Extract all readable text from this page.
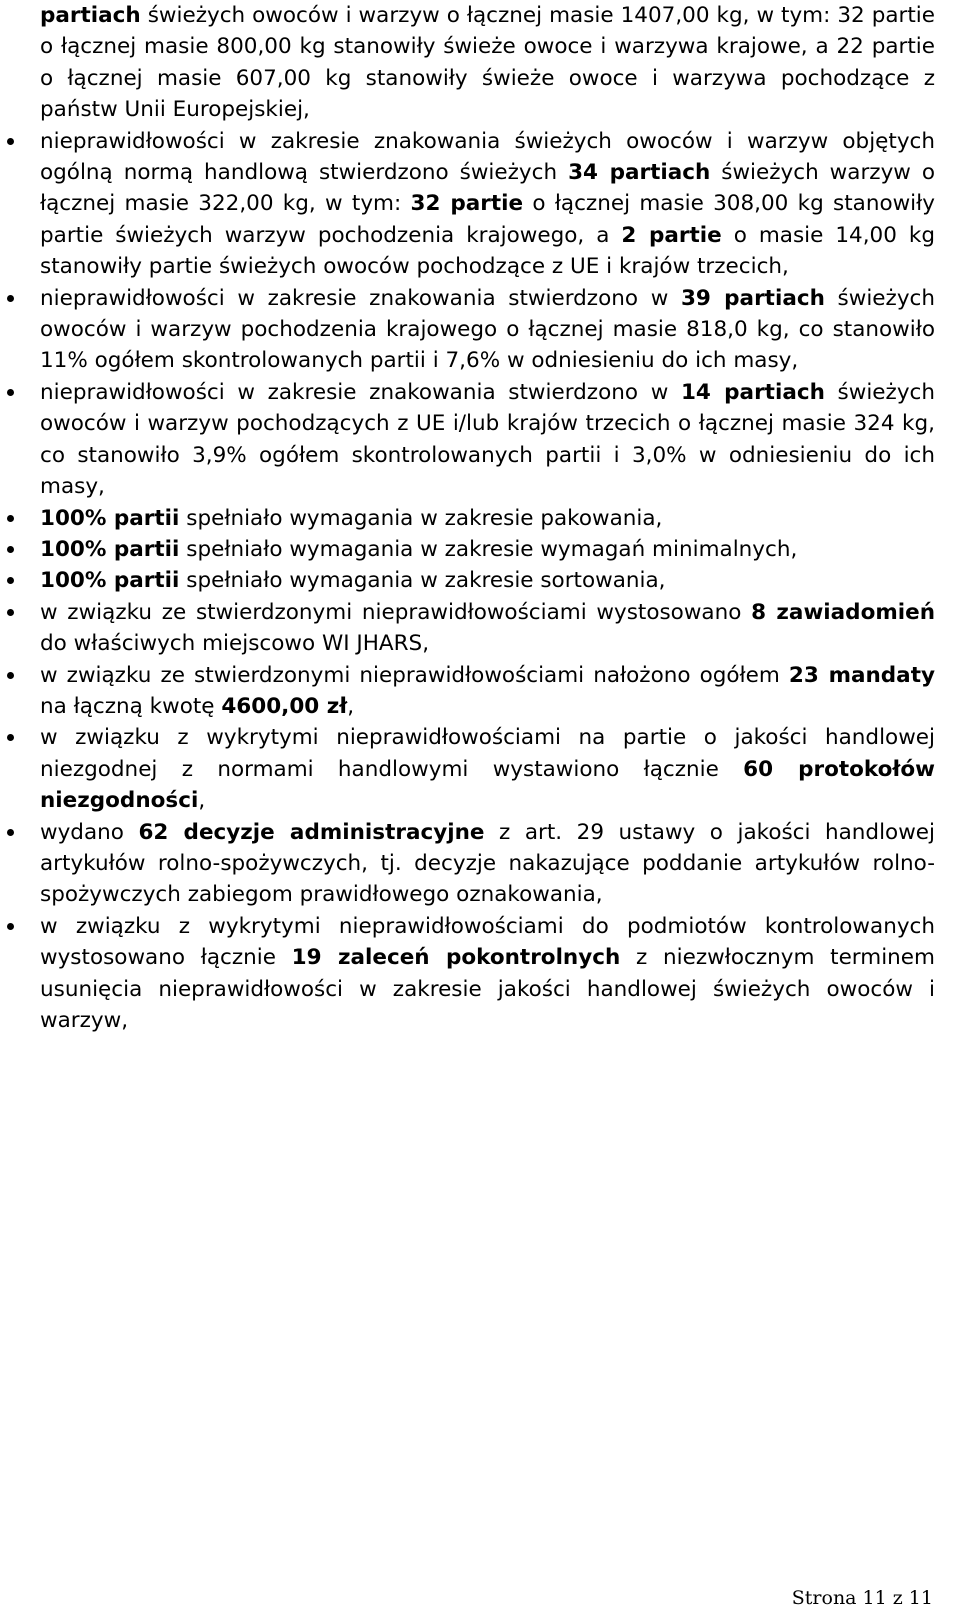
partiach świeżych owoców i warzyw o łącznej masie 1407,00 kg, w tym: 32 partie o łącznej masie 800,00 kg stanowiły świeże owoce i warzywa krajowe, a 22 partie o łącznej masie 607,00 kg stanowiły świeże owoce i warzywa pochodzące z państw Unii Europejskiej,
nieprawidłowości w zakresie znakowania świeżych owoców i warzyw objętych ogólną normą handlową stwierdzono świeżych 34 partiach świeżych warzyw o łącznej masie 322,00 kg, w tym: 32 partie o łącznej masie 308,00 kg stanowiły partie świeżych warzyw pochodzenia krajowego, a 2 partie o masie 14,00 kg stanowiły partie świeżych owoców pochodzące z UE i krajów trzecich,
nieprawidłowości w zakresie znakowania stwierdzono w 39 partiach świeżych owoców i warzyw pochodzenia krajowego o łącznej masie 818,0 kg, co stanowiło 11% ogółem skontrolowanych partii i 7,6% w odniesieniu do ich masy,
nieprawidłowości w zakresie znakowania stwierdzono w 14 partiach świeżych owoców i warzyw pochodzących z UE i/lub krajów trzecich o łącznej masie 324 kg, co stanowiło 3,9% ogółem skontrolowanych partii i 3,0% w odniesieniu do ich masy,
100% partii spełniało wymagania w zakresie pakowania,
100% partii spełniało wymagania w zakresie wymagań minimalnych,
100% partii spełniało wymagania w zakresie sortowania,
w związku ze stwierdzonymi nieprawidłowościami wystosowano 8 zawiadomień do właściwych miejscowo WI JHARS,
w związku ze stwierdzonymi nieprawidłowościami nałożono ogółem 23 mandaty na łączną kwotę 4600,00 zł,
w związku z wykrytymi nieprawidłowościami na partie o jakości handlowej niezgodnej z normami handlowymi wystawiono łącznie 60 protokołów niezgodności,
wydano 62 decyzje administracyjne z art. 29 ustawy o jakości handlowej artykułów rolno-spożywczych, tj. decyzje nakazujące poddanie artykułów rolno-spożywczych zabiegom prawidłowego oznakowania,
w związku z wykrytymi nieprawidłowościami do podmiotów kontrolowanych wystosowano łącznie 19 zaleceń pokontrolnych z niezwłocznym terminem usunięcia nieprawidłowości w zakresie jakości handlowej świeżych owoców i warzyw,
Strona 11 z 11
